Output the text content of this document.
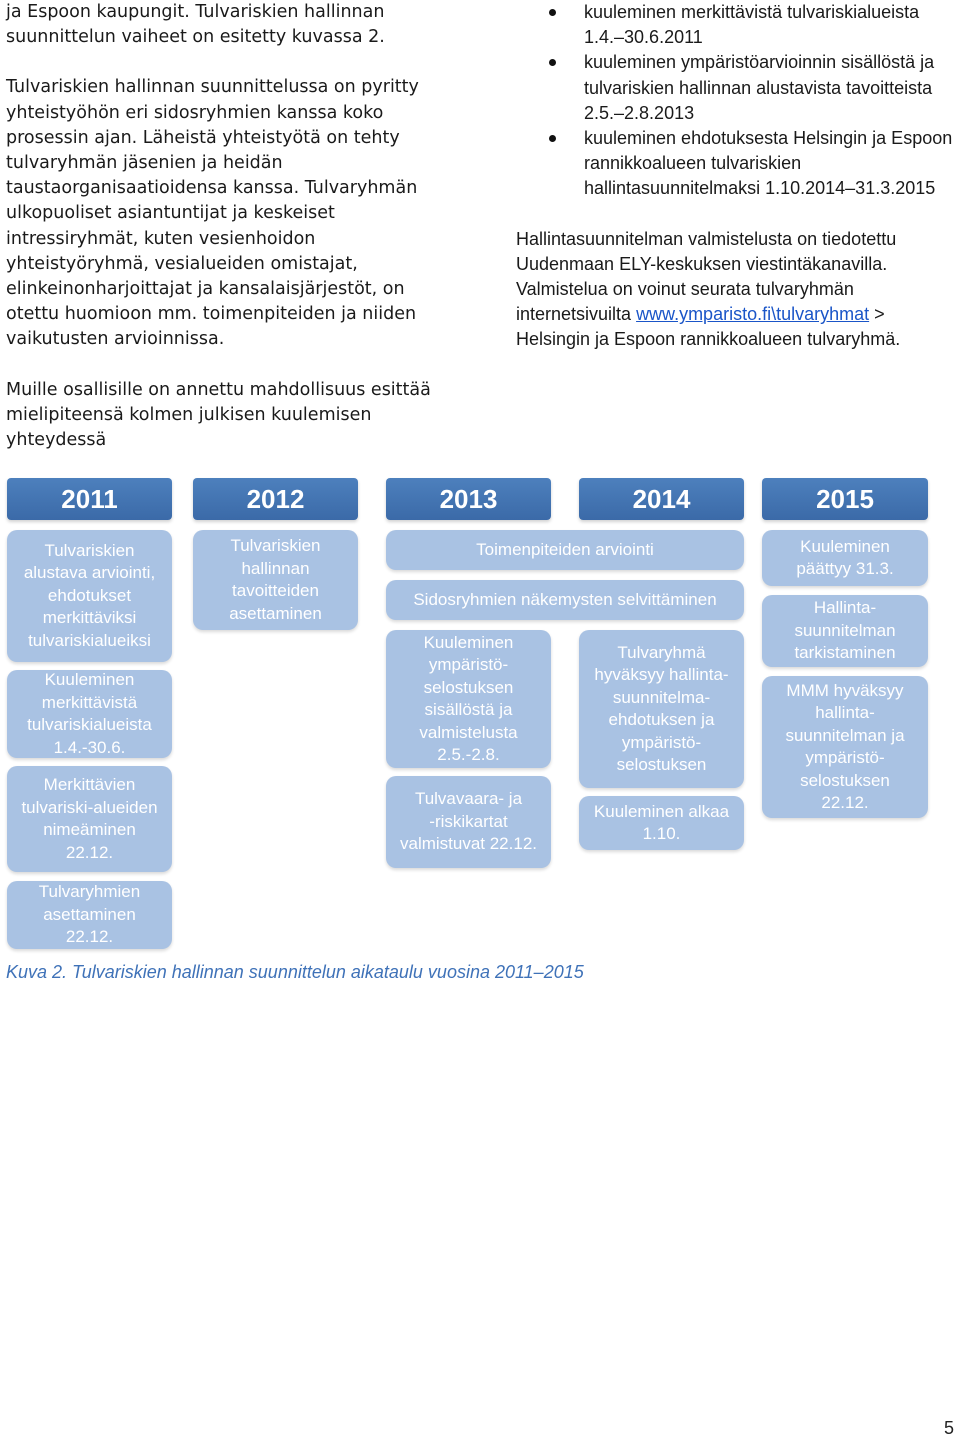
ja Espoon kaupungit. Tulvariskien hallinnan suunnittelun vaiheet on esitetty kuvassa 2.

Tulvariskien hallinnan suunnittelussa on pyritty yhteistyöhön eri sidosryhmien kanssa koko prosessin ajan. Läheistä yhteistyötä on tehty tulvaryhmän jäsenien ja heidän taustaorganisaatioidensa kanssa. Tulvaryhmän ulkopuoliset asiantuntijat ja keskeiset intressiryhmät, kuten vesienhoidon yhteistyöryhmä, vesialueiden omistajat, elinkeinonharjoittajat ja kansalaisjärjestöt, on otettu huomioon mm. toimenpiteiden ja niiden vaikutusten arvioinnissa.

Muille osallisille on annettu mahdollisuus esittää mielipiteensä kolmen julkisen kuulemisen yhteydessä

kuuleminen merkittävistä tulvariskialueista 1.4.–30.6.2011
kuuleminen ympäristöarvioinnin sisällöstä ja tulvariskien hallinnan alustavista tavoitteista 2.5.–2.8.2013
kuuleminen ehdotuksesta Helsingin ja Espoon rannikkoalueen tulvariskien hallintasuunnitelmaksi 1.10.2014–31.3.2015

Hallintasuunnitelman valmistelusta on tiedotettu Uudenmaan ELY-keskuksen viestintäkanavilla. Valmistelua on voinut seurata tulvaryhmän internetsivuilta www.ymparisto.fi\tulvaryhmat > Helsingin ja Espoon rannikkoalueen tulvaryhmä.

2011	2012	2013	2014	2015
Tulvariskien
alustava arviointi,
ehdotukset
merkittäviksi
tulvariskialueiksi
Kuuleminen
merkittävistä
tulvariskialueista
1.4.-30.6.
Merkittävien
tulvariski-alueiden
nimeäminen
22.12.
Tulvaryhmien
asettaminen
22.12.
Tulvariskien
hallinnan
tavoitteiden
asettaminen
Toimenpiteiden arviointi
Sidosryhmien näkemysten selvittäminen
Kuuleminen
ympäristö-
selostuksen
sisällöstä ja
valmistelusta
2.5.-2.8.
Tulvavaara- ja
-riskikartat
valmistuvat 22.12.
Tulvaryhmä
hyväksyy hallinta-
suunnitelma-
ehdotuksen ja
ympäristö-
selostuksen
Kuuleminen alkaa
1.10.
Kuuleminen
päättyy 31.3.
Hallinta-
suunnitelman
tarkistaminen
MMM hyväksyy
hallinta-
suunnitelman ja
ympäristö-
selostuksen
22.12.
Kuva 2. Tulvariskien hallinnan suunnittelun aikataulu vuosina 2011–2015
5
